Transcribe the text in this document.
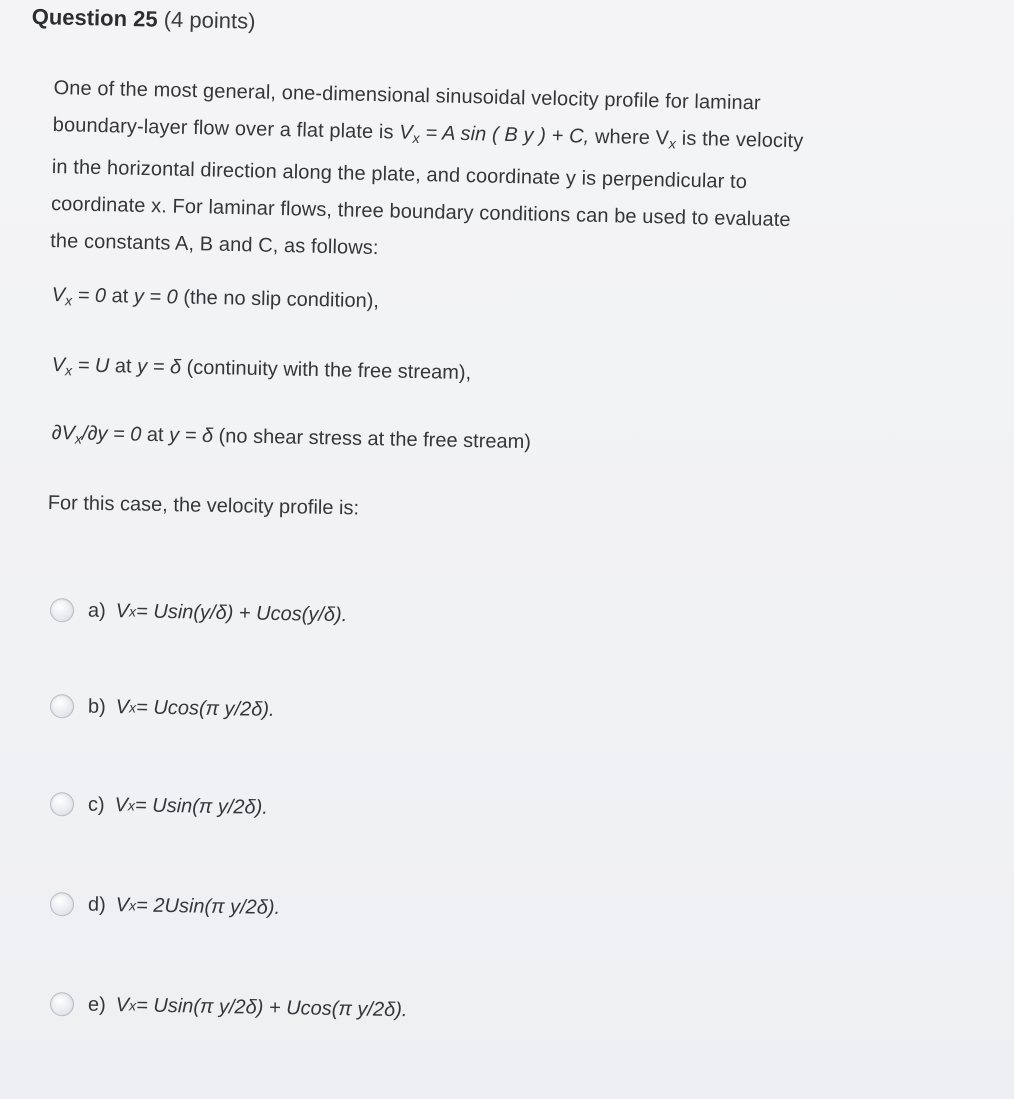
Question 25 (4 points)
One of the most general, one-dimensional sinusoidal velocity profile for laminar
boundary-layer flow over a flat plate is $V_x = A$ sin ( B y ) + C, where $V_x$ is the velocity
in the horizontal direction along the plate, and coordinate y is perpendicular to
coordinate x. For laminar flows, three boundary conditions can be used to evaluate
the constants A, B and C, as follows:
$V_x = 0$ at y = 0 (the no slip condition),
$V_x = U$ at y = δ (continuity with the free stream),
$\partial V_x/\partial y = 0$ at y = δ (no shear stress at the free stream)
For this case, the velocity profile is:
a) V x = Usin(y/δ) + Ucos(y/δ).
b) V x = Ucos(π y/2δ).
c) V x = Usin(π y/2δ).
d) V x = 2Usin(π y/2δ).
e) V x = Usin(π y/2δ) + Ucos(π y/2δ).
